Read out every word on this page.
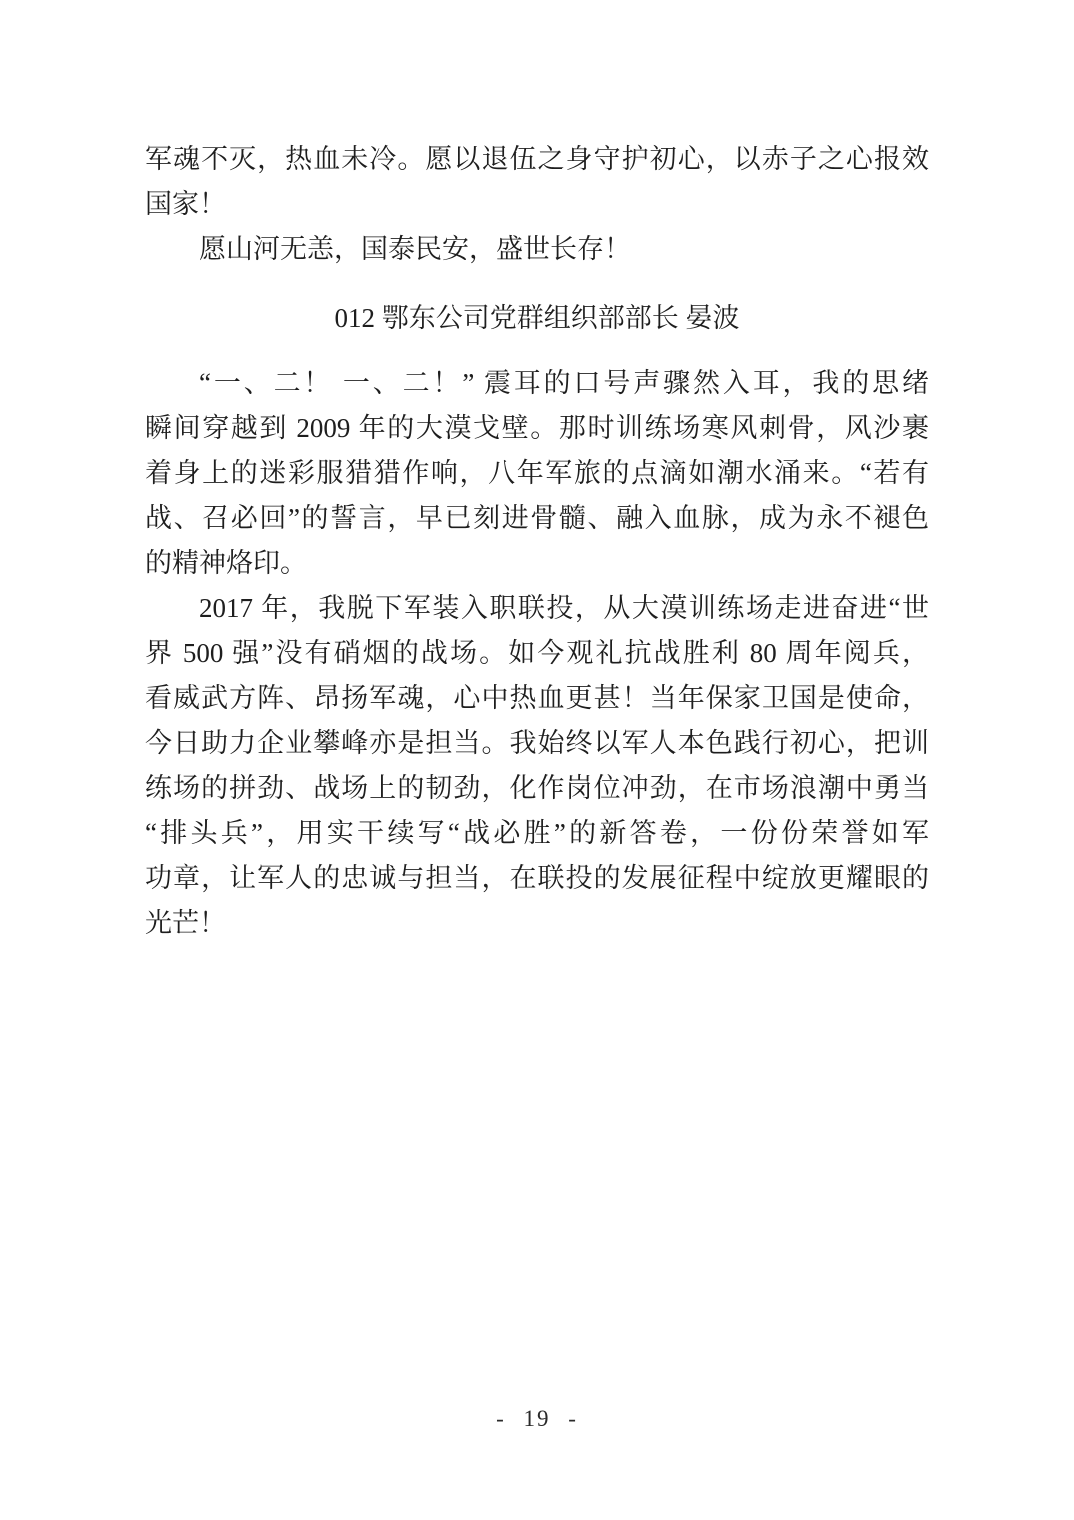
军魂不灭，热血未冷。愿以退伍之身守护初心，以赤子之心报效
国家！
愿山河无恙，国泰民安，盛世长存！
012 鄂东公司党群组织部部长 晏波
“一、二！ 一、二！” 震耳的口号声骤然入耳，我的思绪
瞬间穿越到 2009 年的大漠戈壁。那时训练场寒风刺骨，风沙裹
着身上的迷彩服猎猎作响，八年军旅的点滴如潮水涌来。“若有
战、召必回”的誓言，早已刻进骨髓、融入血脉，成为永不褪色
的精神烙印。
2017 年，我脱下军装入职联投，从大漠训练场走进奋进“世
界 500 强”没有硝烟的战场。如今观礼抗战胜利 80 周年阅兵，
看威武方阵、昂扬军魂，心中热血更甚！当年保家卫国是使命，
今日助力企业攀峰亦是担当。我始终以军人本色践行初心，把训
练场的拼劲、战场上的韧劲，化作岗位冲劲，在市场浪潮中勇当
“排头兵”，用实干续写“战必胜”的新答卷，一份份荣誉如军
功章，让军人的忠诚与担当，在联投的发展征程中绽放更耀眼的
光芒！
- 19 -
